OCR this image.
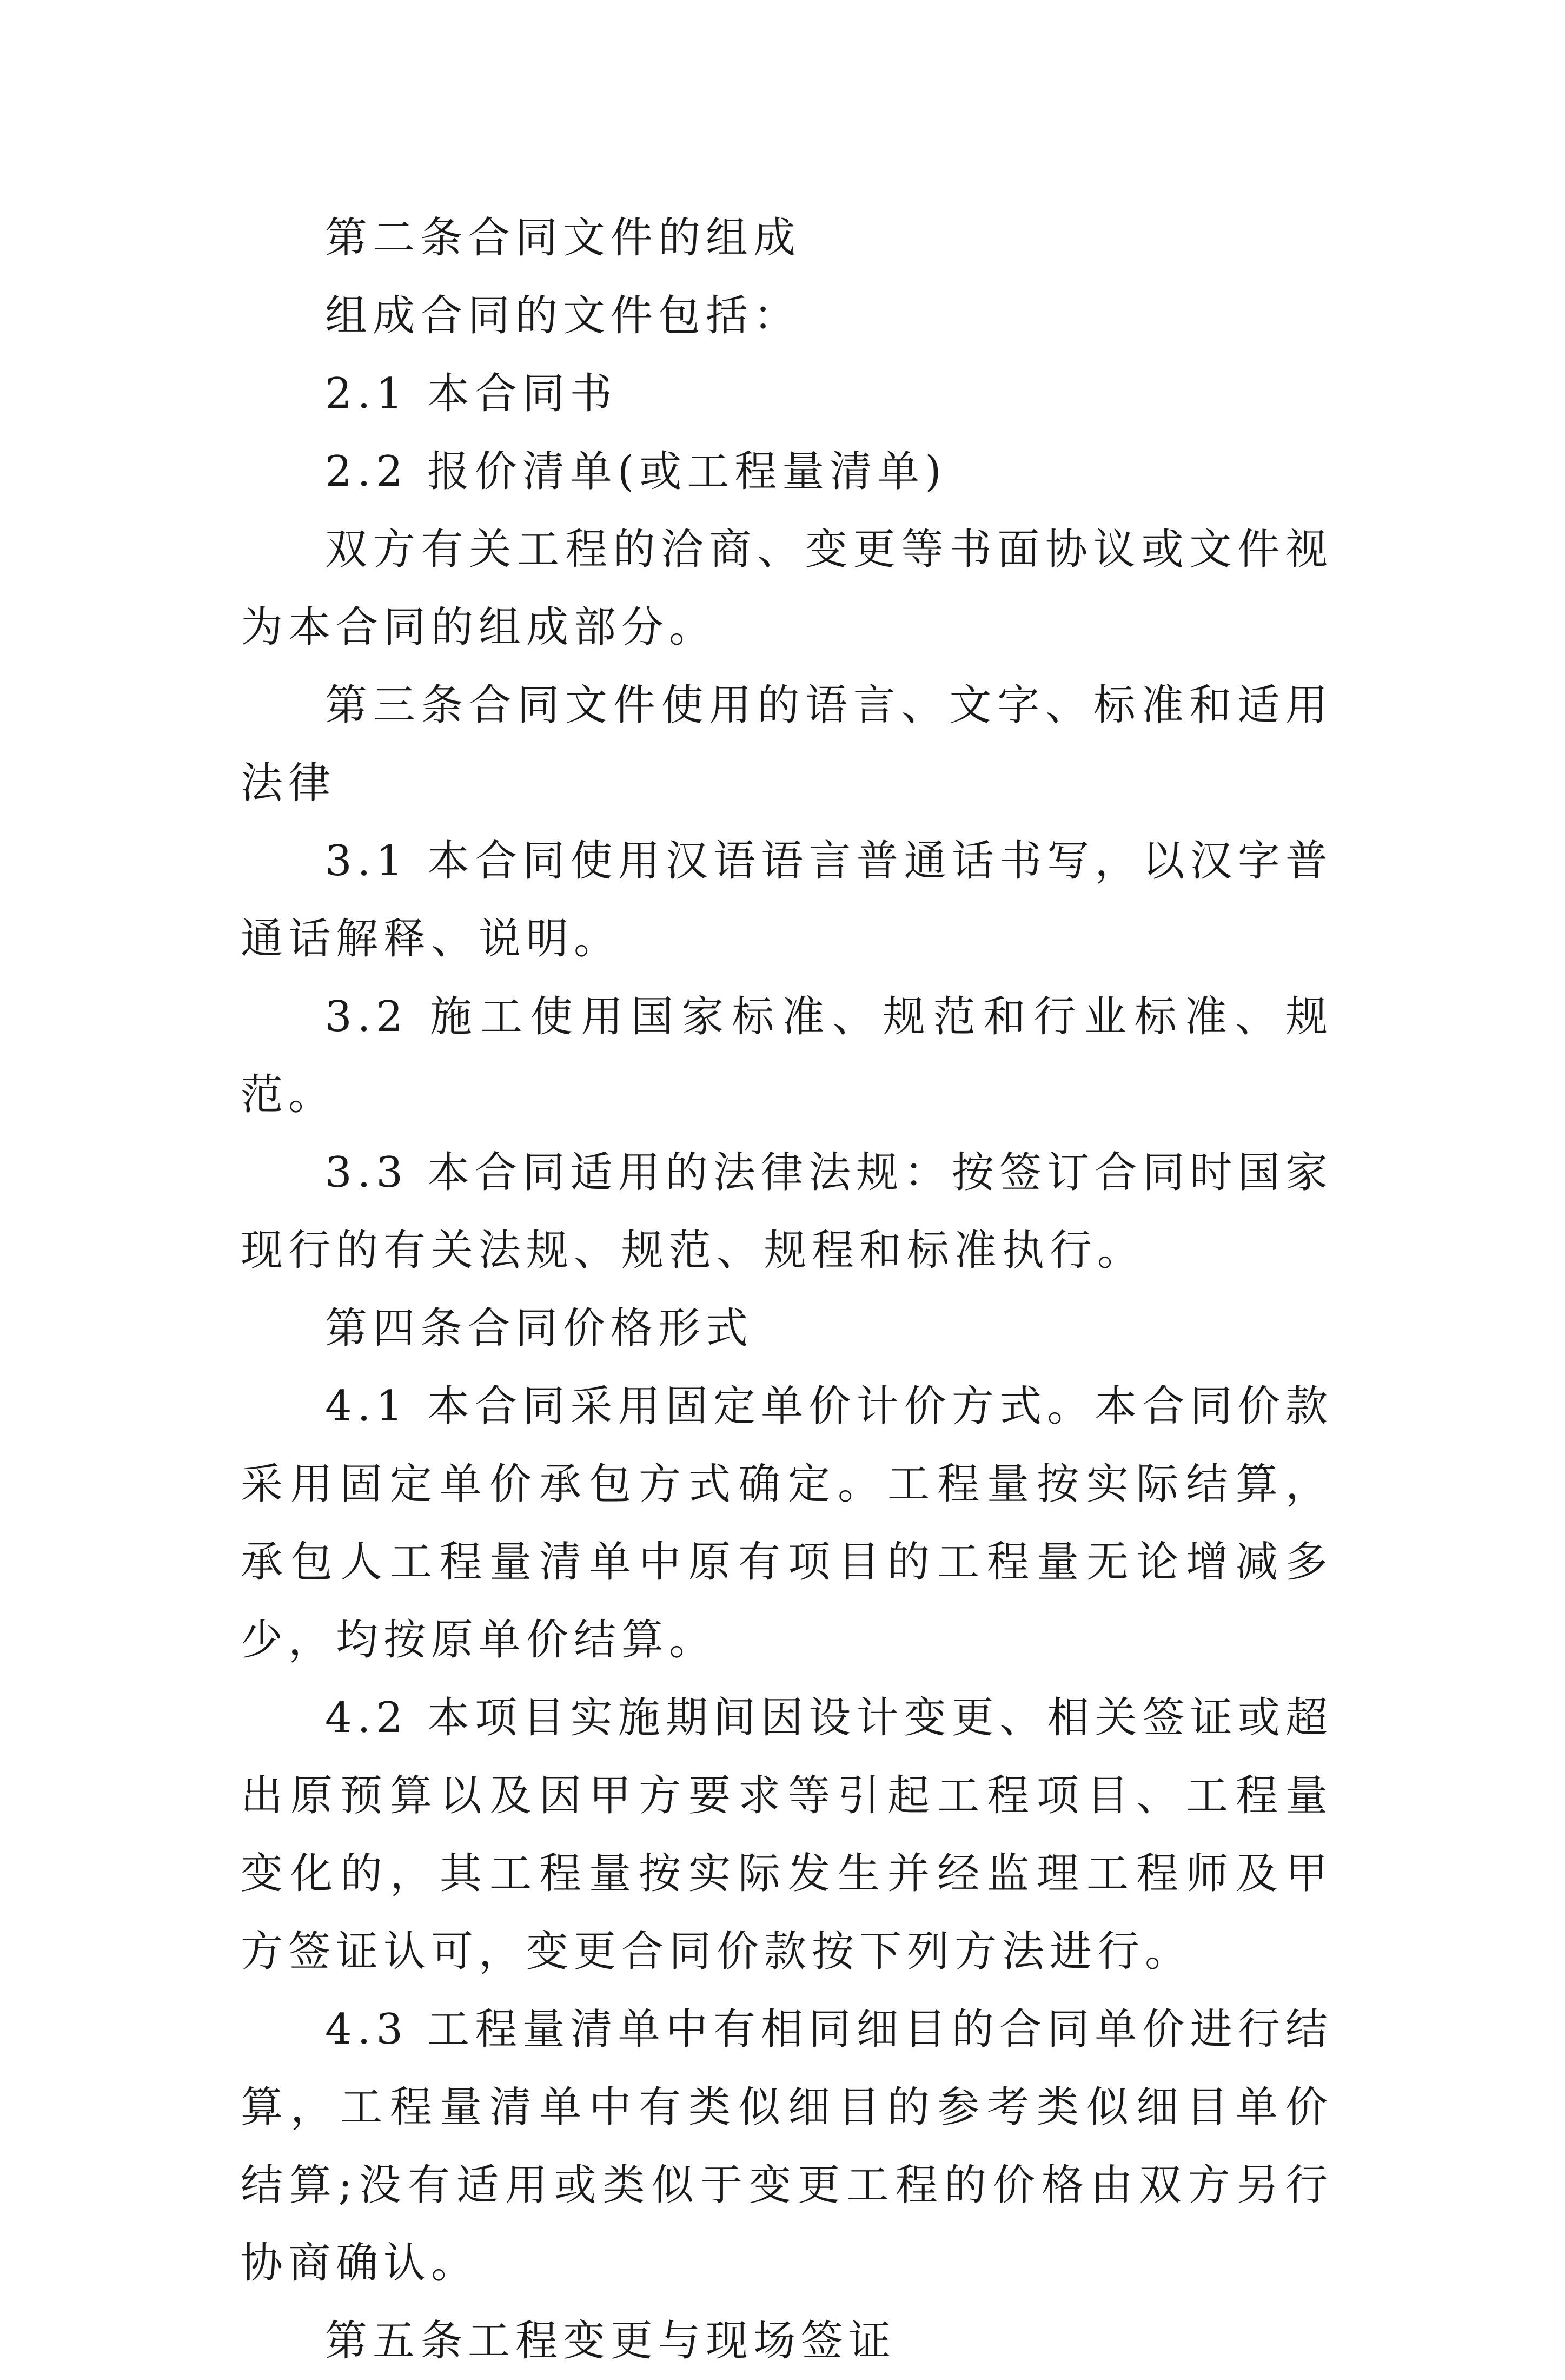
第二条合同文件的组成

组成合同的文件包括：

2.1 本合同书

2.2 报价清单(或工程量清单)

双方有关工程的洽商、变更等书面协议或文件视为本合同的组成部分。

第三条合同文件使用的语言、文字、标准和适用法律

3.1 本合同使用汉语语言普通话书写，以汉字普通话解释、说明。

3.2 施工使用国家标准、规范和行业标准、规范。

3.3 本合同适用的法律法规：按签订合同时国家现行的有关法规、规范、规程和标准执行。

第四条合同价格形式

4.1 本合同采用固定单价计价方式。本合同价款采用固定单价承包方式确定。工程量按实际结算，承包人工程量清单中原有项目的工程量无论增减多少，均按原单价结算。

4.2 本项目实施期间因设计变更、相关签证或超出原预算以及因甲方要求等引起工程项目、工程量变化的，其工程量按实际发生并经监理工程师及甲方签证认可，变更合同价款按下列方法进行。

4.3 工程量清单中有相同细目的合同单价进行结算，工程量清单中有类似细目的参考类似细目单价结算;没有适用或类似于变更工程的价格由双方另行协商确认。

第五条工程变更与现场签证
